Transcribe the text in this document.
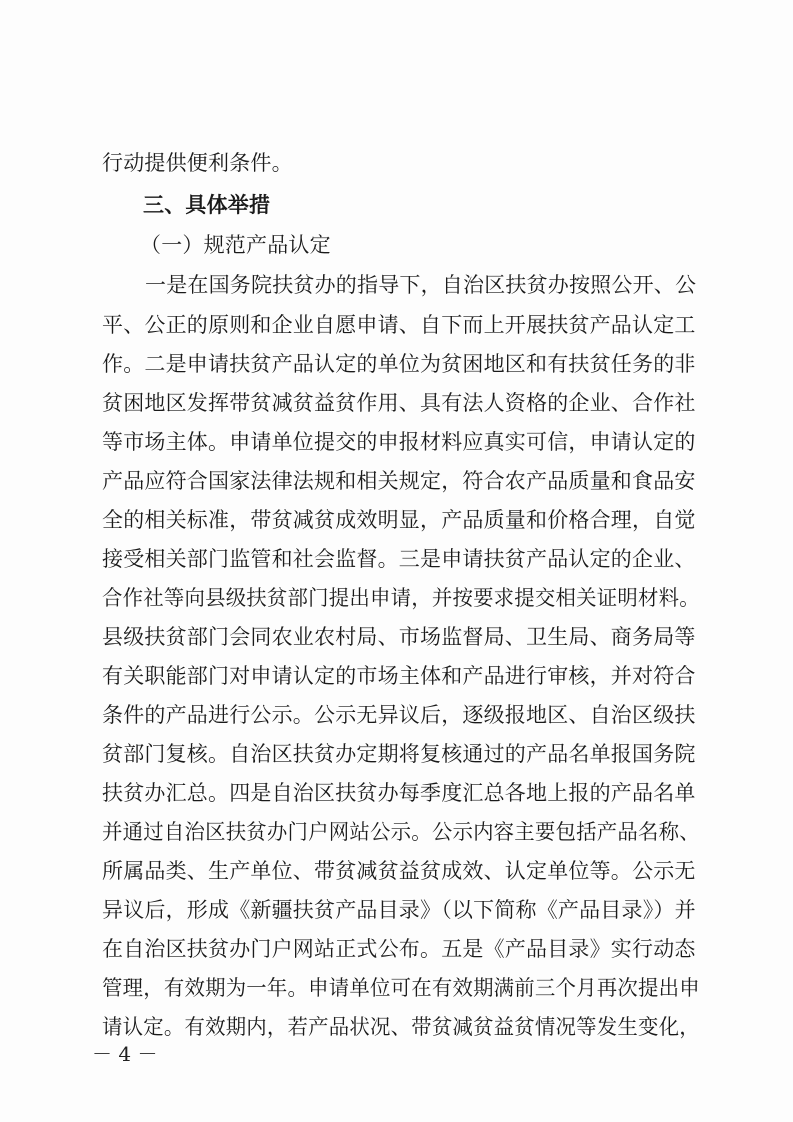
行动提供便利条件。
三、具体举措
（一）规范产品认定
一是在国务院扶贫办的指导下，自治区扶贫办按照公开、公
平、公正的原则和企业自愿申请、自下而上开展扶贫产品认定工
作。二是申请扶贫产品认定的单位为贫困地区和有扶贫任务的非
贫困地区发挥带贫减贫益贫作用、具有法人资格的企业、合作社
等市场主体。申请单位提交的申报材料应真实可信，申请认定的
产品应符合国家法律法规和相关规定，符合农产品质量和食品安
全的相关标准，带贫减贫成效明显，产品质量和价格合理，自觉
接受相关部门监管和社会监督。三是申请扶贫产品认定的企业、
合作社等向县级扶贫部门提出申请，并按要求提交相关证明材料。
县级扶贫部门会同农业农村局、市场监督局、卫生局、商务局等
有关职能部门对申请认定的市场主体和产品进行审核，并对符合
条件的产品进行公示。公示无异议后，逐级报地区、自治区级扶
贫部门复核。自治区扶贫办定期将复核通过的产品名单报国务院
扶贫办汇总。四是自治区扶贫办每季度汇总各地上报的产品名单
并通过自治区扶贫办门户网站公示。公示内容主要包括产品名称、
所属品类、生产单位、带贫减贫益贫成效、认定单位等。公示无
异议后，形成《新疆扶贫产品目录》（以下简称《产品目录》）并
在自治区扶贫办门户网站正式公布。五是《产品目录》实行动态
管理，有效期为一年。申请单位可在有效期满前三个月再次提出申
请认定。有效期内，若产品状况、带贫减贫益贫情况等发生变化，
－ 4 －
